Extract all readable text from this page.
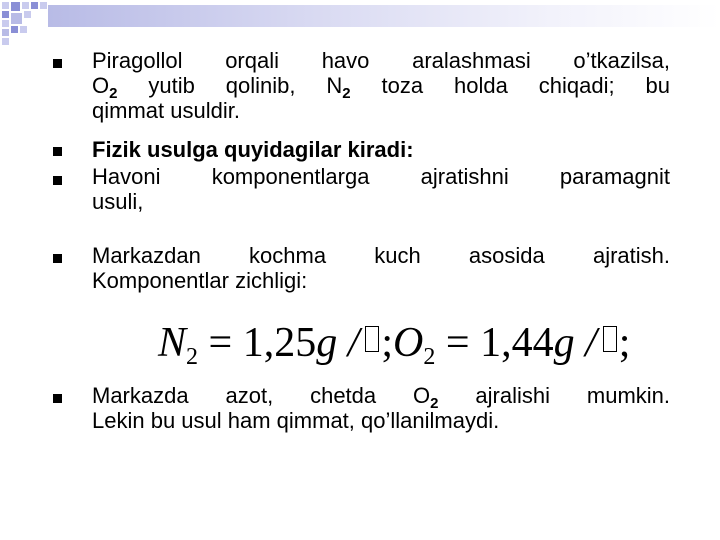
Piragollol orqali havo aralashmasi o’tkazilsa,
$O_2$ yutib qolinib, $N_2$ toza holda chiqadi; bu
qimmat usuldir.
Fizik usulga quyidagilar kiradi:
Havoni komponentlarga ajratishni paramagnit
usuli,
Markazdan kochma kuch asosida ajratish.
Komponentlar zichligi:
$N_2 = 1,25g$ / $;O_2 = 1,44g$ / ;
Markazda azot, chetda $O_2$ ajralishi mumkin.
Lekin bu usul ham qimmat, qo’llanilmaydi.
